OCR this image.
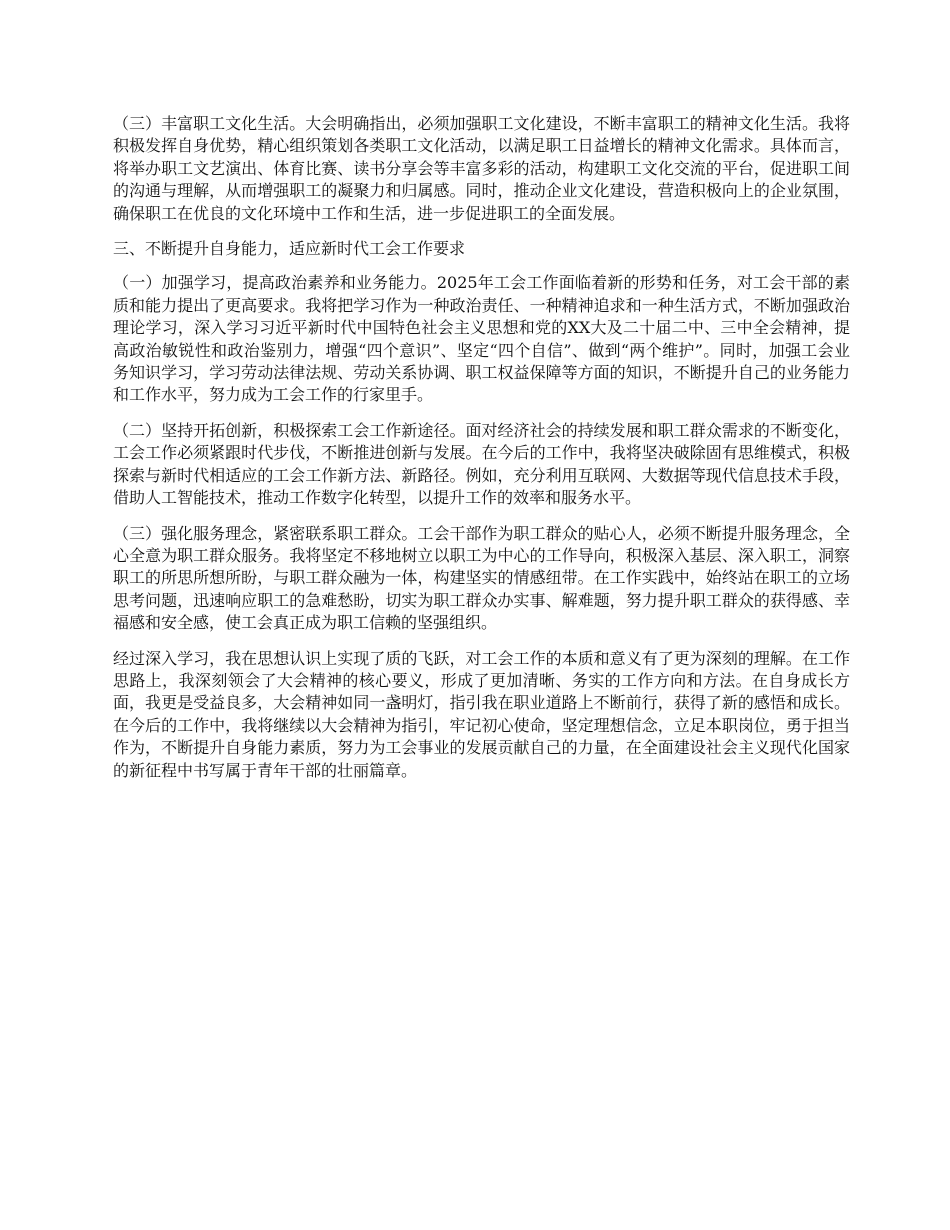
（三）丰富职工文化生活。大会明确指出，必须加强职工文化建设，不断丰富职工的精神文化生活。我将积极发挥自身优势，精心组织策划各类职工文化活动，以满足职工日益增长的精神文化需求。具体而言，将举办职工文艺演出、体育比赛、读书分享会等丰富多彩的活动，构建职工文化交流的平台，促进职工间的沟通与理解，从而增强职工的凝聚力和归属感。同时，推动企业文化建设，营造积极向上的企业氛围，确保职工在优良的文化环境中工作和生活，进一步促进职工的全面发展。

三、不断提升自身能力，适应新时代工会工作要求

（一）加强学习，提高政治素养和业务能力。2025年工会工作面临着新的形势和任务，对工会干部的素质和能力提出了更高要求。我将把学习作为一种政治责任、一种精神追求和一种生活方式，不断加强政治理论学习，深入学习习近平新时代中国特色社会主义思想和党的XX大及二十届二中、三中全会精神，提高政治敏锐性和政治鉴别力，增强“四个意识”、坚定“四个自信”、做到“两个维护”。同时，加强工会业务知识学习，学习劳动法律法规、劳动关系协调、职工权益保障等方面的知识，不断提升自己的业务能力和工作水平，努力成为工会工作的行家里手。

（二）坚持开拓创新，积极探索工会工作新途径。面对经济社会的持续发展和职工群众需求的不断变化，工会工作必须紧跟时代步伐，不断推进创新与发展。在今后的工作中，我将坚决破除固有思维模式，积极探索与新时代相适应的工会工作新方法、新路径。例如，充分利用互联网、大数据等现代信息技术手段，借助人工智能技术，推动工作数字化转型，以提升工作的效率和服务水平。

（三）强化服务理念，紧密联系职工群众。工会干部作为职工群众的贴心人，必须不断提升服务理念，全心全意为职工群众服务。我将坚定不移地树立以职工为中心的工作导向，积极深入基层、深入职工，洞察职工的所思所想所盼，与职工群众融为一体，构建坚实的情感纽带。在工作实践中，始终站在职工的立场思考问题，迅速响应职工的急难愁盼，切实为职工群众办实事、解难题，努力提升职工群众的获得感、幸福感和安全感，使工会真正成为职工信赖的坚强组织。

经过深入学习，我在思想认识上实现了质的飞跃，对工会工作的本质和意义有了更为深刻的理解。在工作思路上，我深刻领会了大会精神的核心要义，形成了更加清晰、务实的工作方向和方法。在自身成长方面，我更是受益良多，大会精神如同一盏明灯，指引我在职业道路上不断前行，获得了新的感悟和成长。在今后的工作中，我将继续以大会精神为指引，牢记初心使命，坚定理想信念，立足本职岗位，勇于担当作为，不断提升自身能力素质，努力为工会事业的发展贡献自己的力量，在全面建设社会主义现代化国家的新征程中书写属于青年干部的壮丽篇章。
